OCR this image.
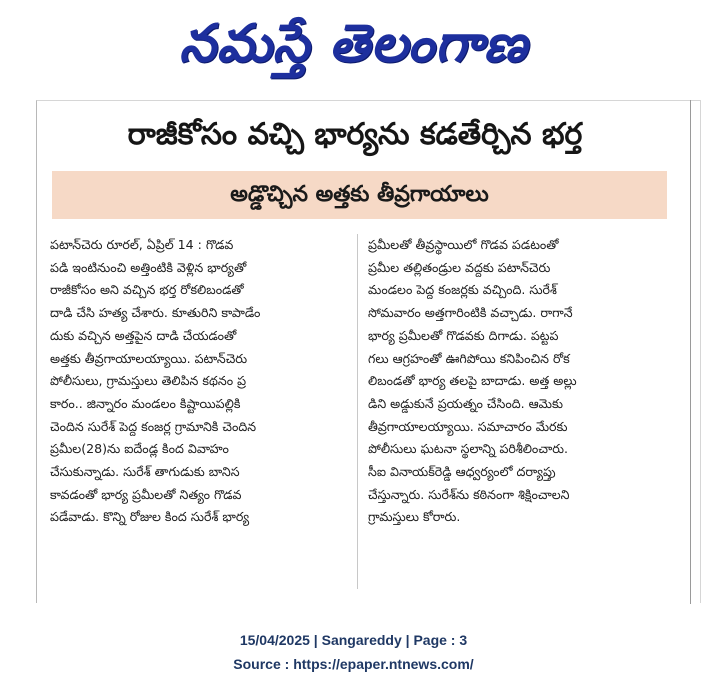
నమస్తే తెలంగాణ
రాజీకోసం వచ్చి భార్యను కడతేర్చిన భర్త
అడ్డొచ్చిన అత్తకు తీవ్రగాయాలు
పటాన్‌చెరు రూరల్‌, ఏప్రిల్‌ 14 : గొడవ
పడి ఇంటినుంచి అత్తింటికి వెళ్లిన భార్యతో
రాజీకోసం అని వచ్చిన భర్త రోకలిబండతో
దాడి చేసి హత్య చేశారు. కూతురిని కాపాడేం
దుకు వచ్చిన అత్తపైన దాడి చేయడంతో
అత్తకు తీవ్రగాయాలయ్యాయి. పటాన్‌చెరు
పోలీసులు, గ్రామస్తులు తెలిపిన కథనం ప్ర
కారం.. జిన్నారం మండలం కిష్టాయిపల్లికి
చెందిన సురేశ్‌ పెద్ద కంజర్ల గ్రామానికి చెందిన
ప్రమీల(28)ను ఐదేండ్ల కింద వివాహం
చేసుకున్నాడు. సురేశ్‌ తాగుడుకు బానిస
కావడంతో భార్య ప్రమీలతో నిత్యం గొడవ
పడేవాడు. కొన్ని రోజుల కింద సురేశ్‌ భార్య
ప్రమీలతో తీవ్రస్థాయిలో గొడవ పడటంతో
ప్రమీల తల్లితండ్రుల వద్దకు పటాన్‌చెరు
మండలం పెద్ద కంజర్లకు వచ్చింది. సురేశ్‌
సోమవారం అత్తగారింటికి వచ్చాడు. రాగానే
భార్య ప్రమీలతో గొడవకు దిగాడు. పట్టప
గలు ఆగ్రహంతో ఊగిపోయి కనిపించిన రోక
లిబండతో భార్య తలపై బాదాడు. అత్త అల్లు
డిని అడ్డుకునే ప్రయత్నం చేసింది. ఆమెకు
తీవ్రగాయాలయ్యాయి. సమాచారం మేరకు
పోలీసులు ఘటనా స్థలాన్ని పరిశీలించారు.
సీఐ వినాయక్‌రెడ్డి ఆధ్వర్యంలో దర్యాప్తు
చేస్తున్నారు. సురేశ్‌ను కఠినంగా శిక్షించాలని
గ్రామస్తులు కోరారు.
15/04/2025 | Sangareddy | Page : 3
Source : https://epaper.ntnews.com/
